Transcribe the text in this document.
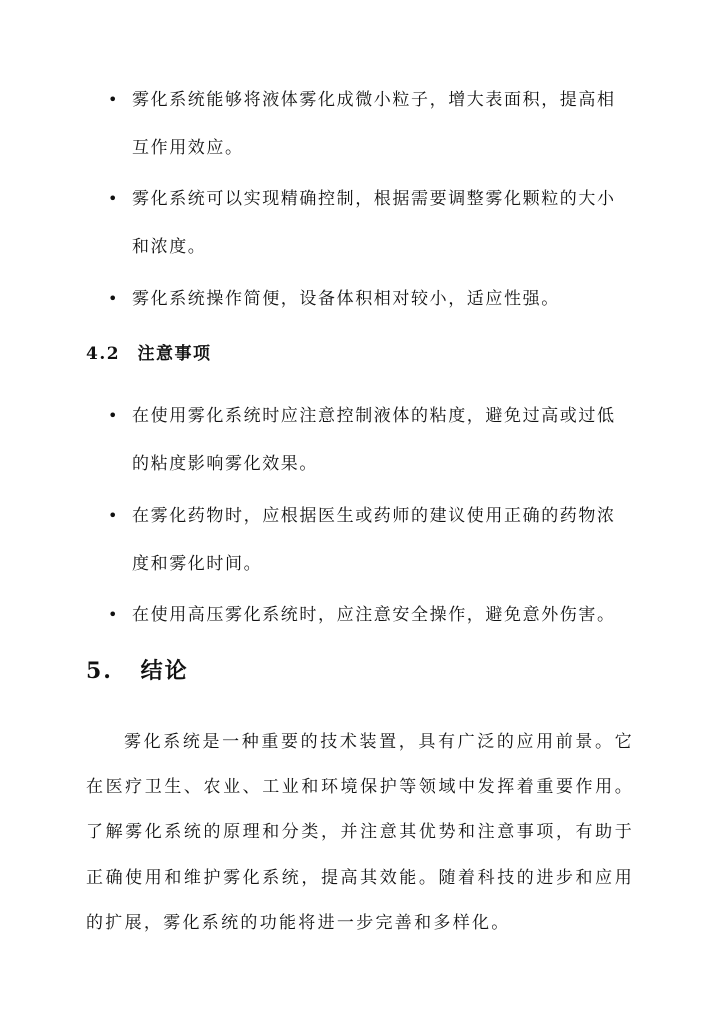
• 雾化系统能够将液体雾化成微小粒子，增大表面积，提高相互作用效应。
• 雾化系统可以实现精确控制，根据需要调整雾化颗粒的大小和浓度。
• 雾化系统操作简便，设备体积相对较小，适应性强。
4.2 注意事项
• 在使用雾化系统时应注意控制液体的粘度，避免过高或过低的粘度影响雾化效果。
• 在雾化药物时，应根据医生或药师的建议使用正确的药物浓度和雾化时间。
• 在使用高压雾化系统时，应注意安全操作，避免意外伤害。
5. 结论
雾化系统是一种重要的技术装置，具有广泛的应用前景。它在医疗卫生、农业、工业和环境保护等领域中发挥着重要作用。了解雾化系统的原理和分类，并注意其优势和注意事项，有助于正确使用和维护雾化系统，提高其效能。随着科技的进步和应用的扩展，雾化系统的功能将进一步完善和多样化。
